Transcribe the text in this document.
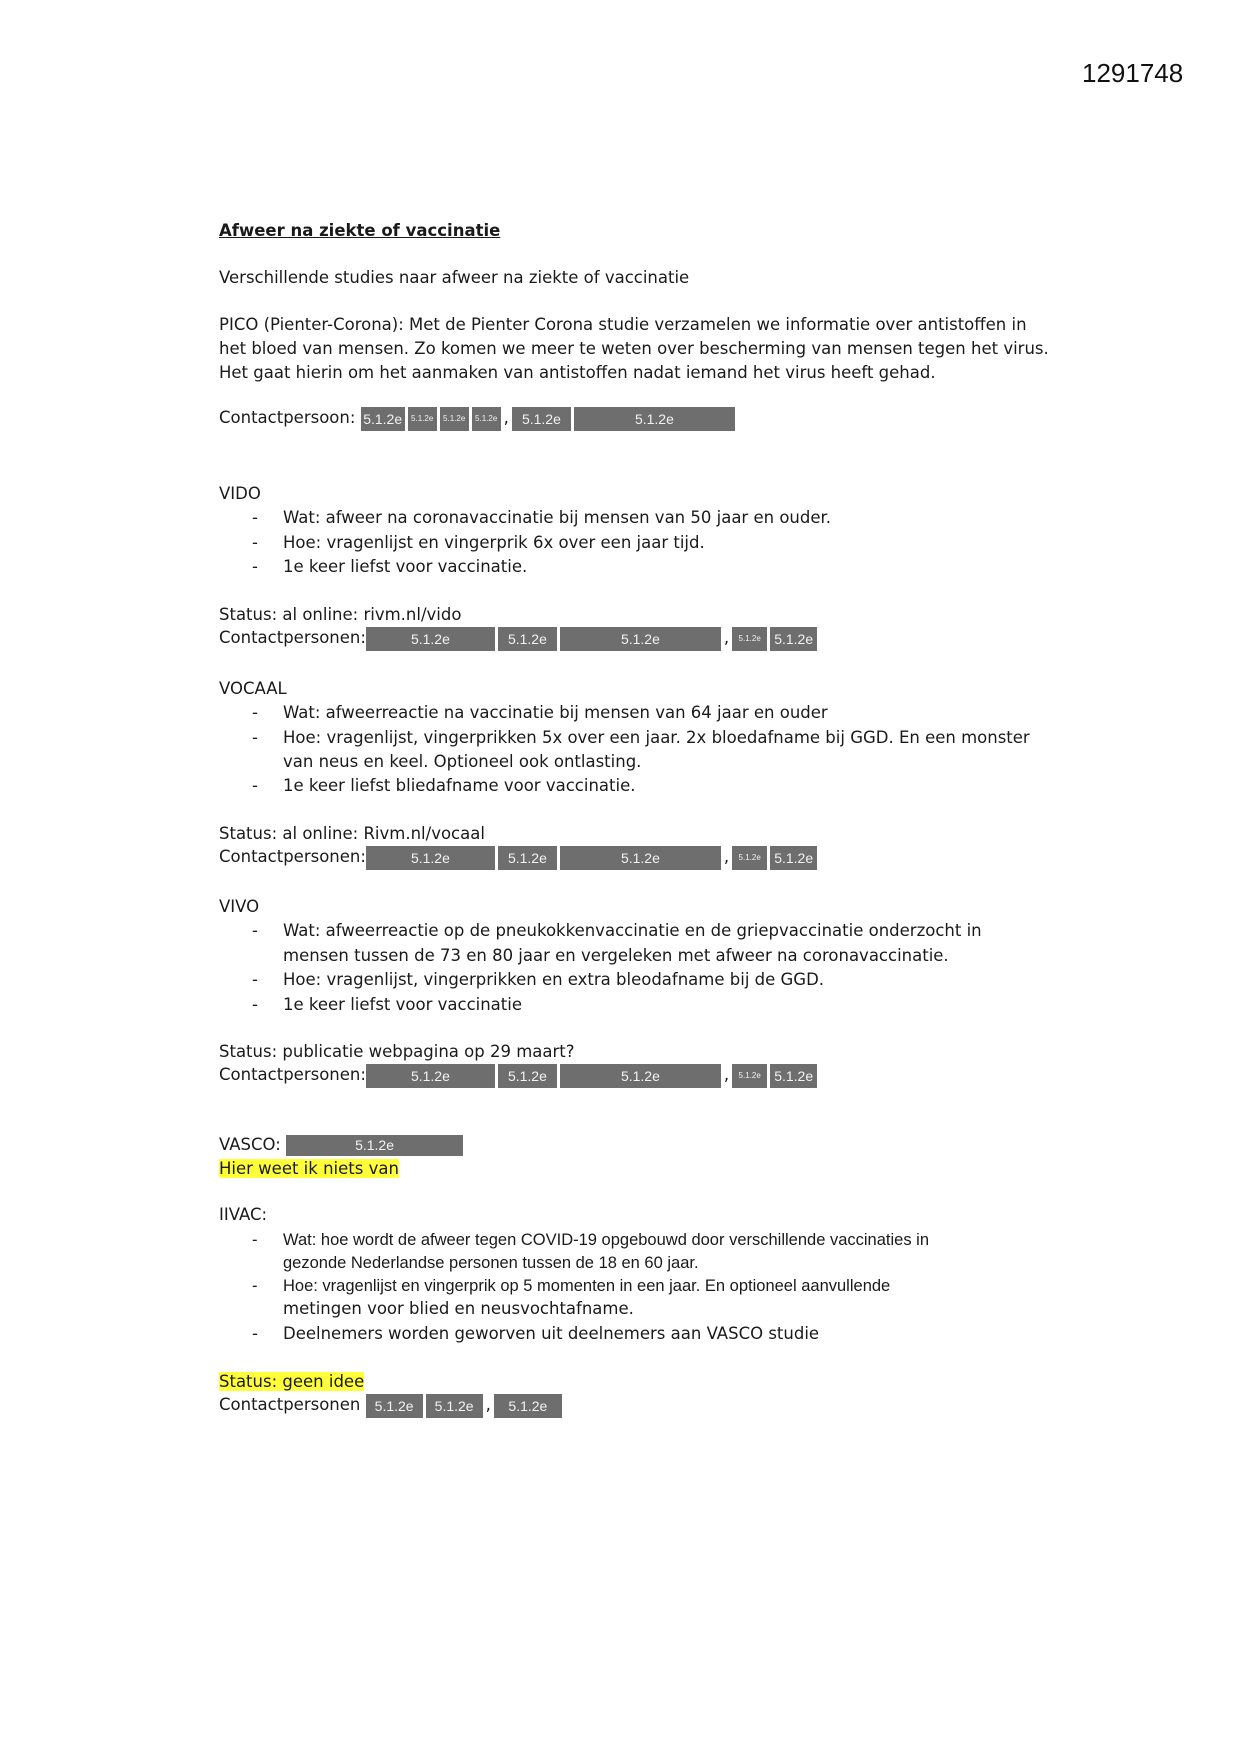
1291748
Afweer na ziekte of vaccinatie
Verschillende studies naar afweer na ziekte of vaccinatie
PICO (Pienter-Corona): Met de Pienter Corona studie verzamelen we informatie over antistoffen in
het bloed van mensen. Zo komen we meer te weten over bescherming van mensen tegen het virus.
Het gaat hierin om het aanmaken van antistoffen nadat iemand het virus heeft gehad.
Contactpersoon: 5.1.2e 5.1.2e 5.1.2e 5.1.2e , 5.1.2e	5.1.2e
VIDO
- Wat: afweer na coronavaccinatie bij mensen van 50 jaar en ouder.
- Hoe: vragenlijst en vingerprik 6x over een jaar tijd.
- 1e keer liefst voor vaccinatie.
Status: al online: rivm.nl/vido
Contactpersonen:	5.1.2e	5.1.2e	5.1.2e	, 5.1.2e 5.1.2e
VOCAAL
- Wat: afweerreactie na vaccinatie bij mensen van 64 jaar en ouder
- Hoe: vragenlijst, vingerprikken 5x over een jaar. 2x bloedafname bij GGD. En een monster
van neus en keel. Optioneel ook ontlasting.
- 1e keer liefst bliedafname voor vaccinatie.
Status: al online: Rivm.nl/vocaal
Contactpersonen:	5.1.2e	5.1.2e	5.1.2e	, 5.1.2e 5.1.2e
VIVO
- Wat: afweerreactie op de pneukokkenvaccinatie en de griepvaccinatie onderzocht in
mensen tussen de 73 en 80 jaar en vergeleken met afweer na coronavaccinatie.
- Hoe: vragenlijst, vingerprikken en extra bleodafname bij de GGD.
- 1e keer liefst voor vaccinatie
Status: publicatie webpagina op 29 maart?
Contactpersonen:	5.1.2e	5.1.2e	5.1.2e	, 5.1.2e 5.1.2e
VASCO:	5.1.2e
Hier weet ik niets van
IIVAC:
- Wat: hoe wordt de afweer tegen COVID-19 opgebouwd door verschillende vaccinaties in
gezonde Nederlandse personen tussen de 18 en 60 jaar.
- Hoe: vragenlijst en vingerprik op 5 momenten in een jaar. En optioneel aanvullende
metingen voor blied en neusvochtafname.
- Deelnemers worden geworven uit deelnemers aan VASCO studie
Status: geen idee
Contactpersonen 5.1.2e 5.1.2e , 5.1.2e
